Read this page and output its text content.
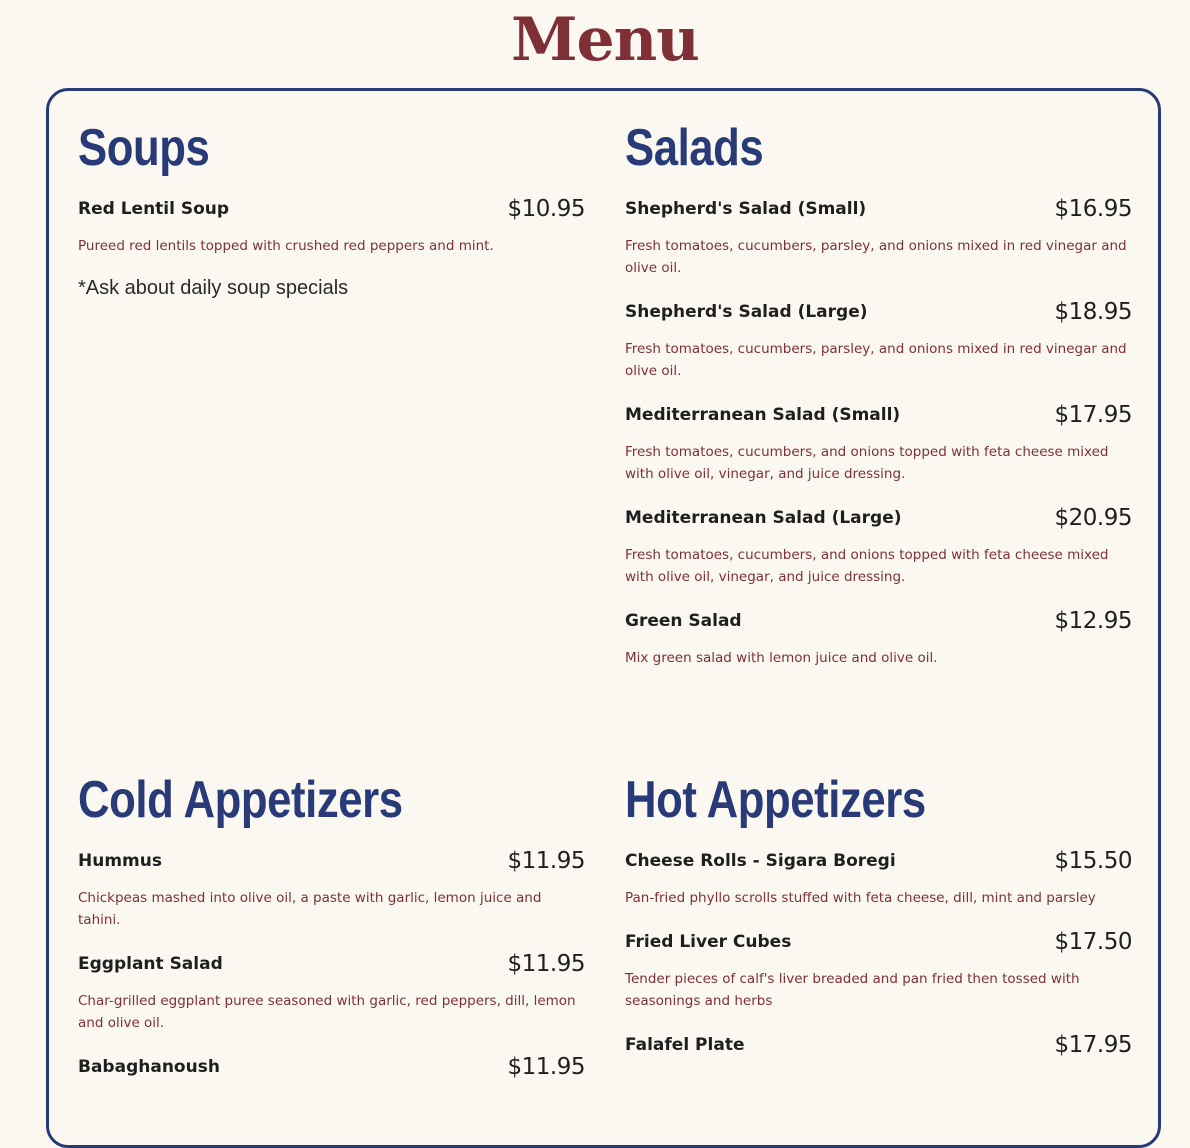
Menu
Soups
Red Lentil Soup	$10.95
Pureed red lentils topped with crushed red peppers and mint.
*Ask about daily soup specials
Salads
Shepherd's Salad (Small)	$16.95
Fresh tomatoes, cucumbers, parsley, and onions mixed in red vinegar and olive oil.
Shepherd's Salad (Large)	$18.95
Fresh tomatoes, cucumbers, parsley, and onions mixed in red vinegar and olive oil.
Mediterranean Salad (Small)	$17.95
Fresh tomatoes, cucumbers, and onions topped with feta cheese mixed with olive oil, vinegar, and juice dressing.
Mediterranean Salad (Large)	$20.95
Fresh tomatoes, cucumbers, and onions topped with feta cheese mixed with olive oil, vinegar, and juice dressing.
Green Salad	$12.95
Mix green salad with lemon juice and olive oil.
Cold Appetizers
Hummus	$11.95
Chickpeas mashed into olive oil, a paste with garlic, lemon juice and tahini.
Eggplant Salad	$11.95
Char-grilled eggplant puree seasoned with garlic, red peppers, dill, lemon and olive oil.
Babaghanoush	$11.95
Hot Appetizers
Cheese Rolls - Sigara Boregi	$15.50
Pan-fried phyllo scrolls stuffed with feta cheese, dill, mint and parsley
Fried Liver Cubes	$17.50
Tender pieces of calf's liver breaded and pan fried then tossed with seasonings and herbs
Falafel Plate	$17.95
